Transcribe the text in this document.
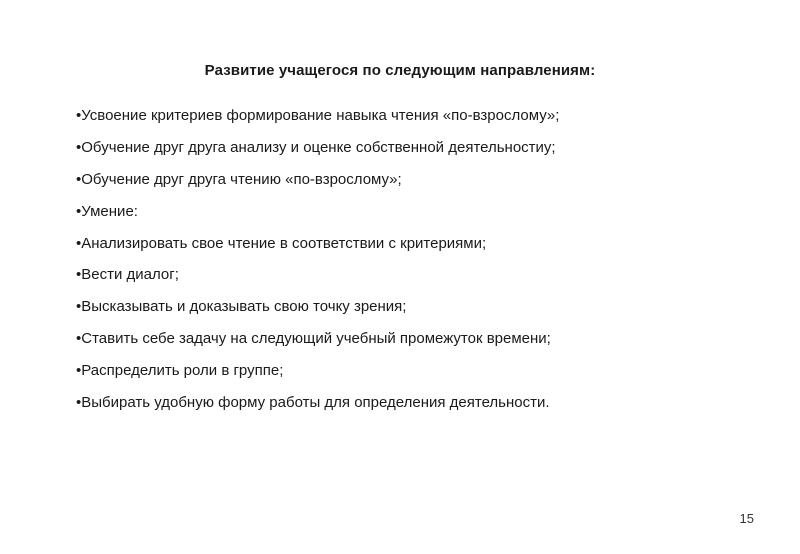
Развитие учащегося по следующим направлениям:
•Усвоение критериев формирование навыка чтения «по-взрослому»;
•Обучение друг друга анализу и оценке собственной деятельностиy;
•Обучение друг друга чтению «по-взрослому»;
•Умение:
•Анализировать свое чтение в соответствии с критериями;
•Вести диалог;
•Высказывать и доказывать свою точку зрения;
•Ставить себе задачу на следующий учебный промежуток времени;
•Распределить роли в группе;
•Выбирать удобную форму работы для определения деятельности.
15
